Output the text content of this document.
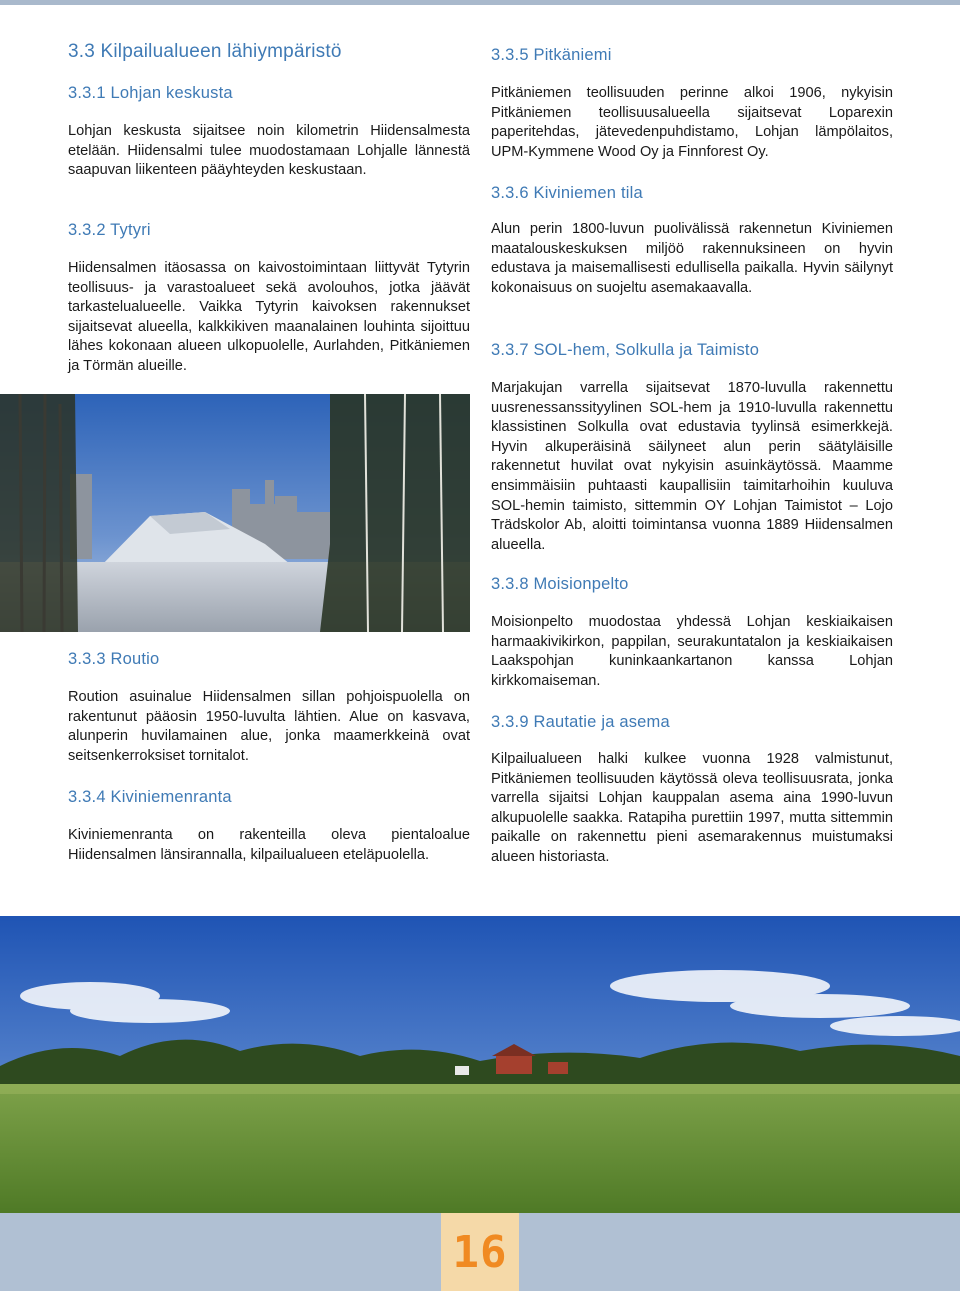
3.3 Kilpailualueen lähiympäristö
3.3.1 Lohjan keskusta

Lohjan keskusta sijaitsee noin kilometrin Hiidensalmesta etelään. Hiidensalmi tulee muodostamaan Lohjalle lännestä saapuvan liikenteen pääyhteyden keskustaan.

3.3.2 Tytyri

Hiidensalmen itäosassa on kaivostoimintaan liittyvät Tytyrin teollisuus- ja varastoalueet sekä avolouhos, jotka jäävät tarkastelualueelle. Vaikka Tytyrin kaivoksen rakennukset sijaitsevat alueella, kalkkikiven maanalainen louhinta sijoittuu lähes kokonaan alueen ulkopuolelle, Aurlahden, Pitkäniemen ja Törmän alueille.

3.3.3 Routio

Roution asuinalue Hiidensalmen sillan pohjoispuolella on rakentunut pääosin 1950-luvulta lähtien. Alue on kasvava, alunperin huvilamainen alue, jonka maamerkkeinä ovat seitsenkerroksiset tornitalot.

3.3.4 Kiviniemenranta

Kiviniemenranta on rakenteilla oleva pientaloalue Hiidensalmen länsirannalla, kilpailualueen eteläpuolella.

3.3.5 Pitkäniemi

Pitkäniemen teollisuuden perinne alkoi 1906, nykyisin Pitkäniemen teollisuusalueella sijaitsevat Loparexin paperitehdas, jätevedenpuhdistamo, Lohjan lämpölaitos, UPM-Kymmene Wood Oy ja Finnforest Oy.

3.3.6 Kiviniemen tila

Alun perin 1800-luvun puolivälissä rakennetun Kiviniemen maatalouskeskuksen miljöö rakennuksineen on hyvin edustava ja maisemallisesti edullisella paikalla. Hyvin säilynyt kokonaisuus on suojeltu asemakaavalla.

3.3.7 SOL-hem, Solkulla ja Taimisto

Marjakujan varrella sijaitsevat 1870-luvulla rakennettu uusrenessanssityylinen SOL-hem ja 1910-luvulla rakennettu klassistinen Solkulla ovat edustavia tyylinsä esimerkkejä. Hyvin alkuperäisinä säilyneet alun perin säätyläisille rakennetut huvilat ovat nykyisin asuinkäytössä. Maamme ensimmäisiin puhtaasti kaupallisiin taimitarhoihin kuuluva SOL-hemin taimisto, sittemmin OY Lohjan Taimistot – Lojo Trädskolor Ab, aloitti toimintansa vuonna 1889 Hiidensalmen alueella.

3.3.8 Moisionpelto

Moisionpelto muodostaa yhdessä Lohjan keskiaikaisen harmaakivikirkon, pappilan, seurakuntatalon ja keskiaikaisen Laakspohjan kuninkaankartanon kanssa Lohjan kirkkomaiseman.

3.3.9 Rautatie ja asema

Kilpailualueen halki kulkee vuonna 1928 valmistunut, Pitkäniemen teollisuuden käytössä oleva teollisuusrata, jonka varrella sijaitsi Lohjan kauppalan asema aina 1990-luvun alkupuolelle saakka. Ratapiha purettiin 1997, mutta sittemmin paikalle on rakennettu pieni asemarakennus muistumaksi alueen historiasta.

16
